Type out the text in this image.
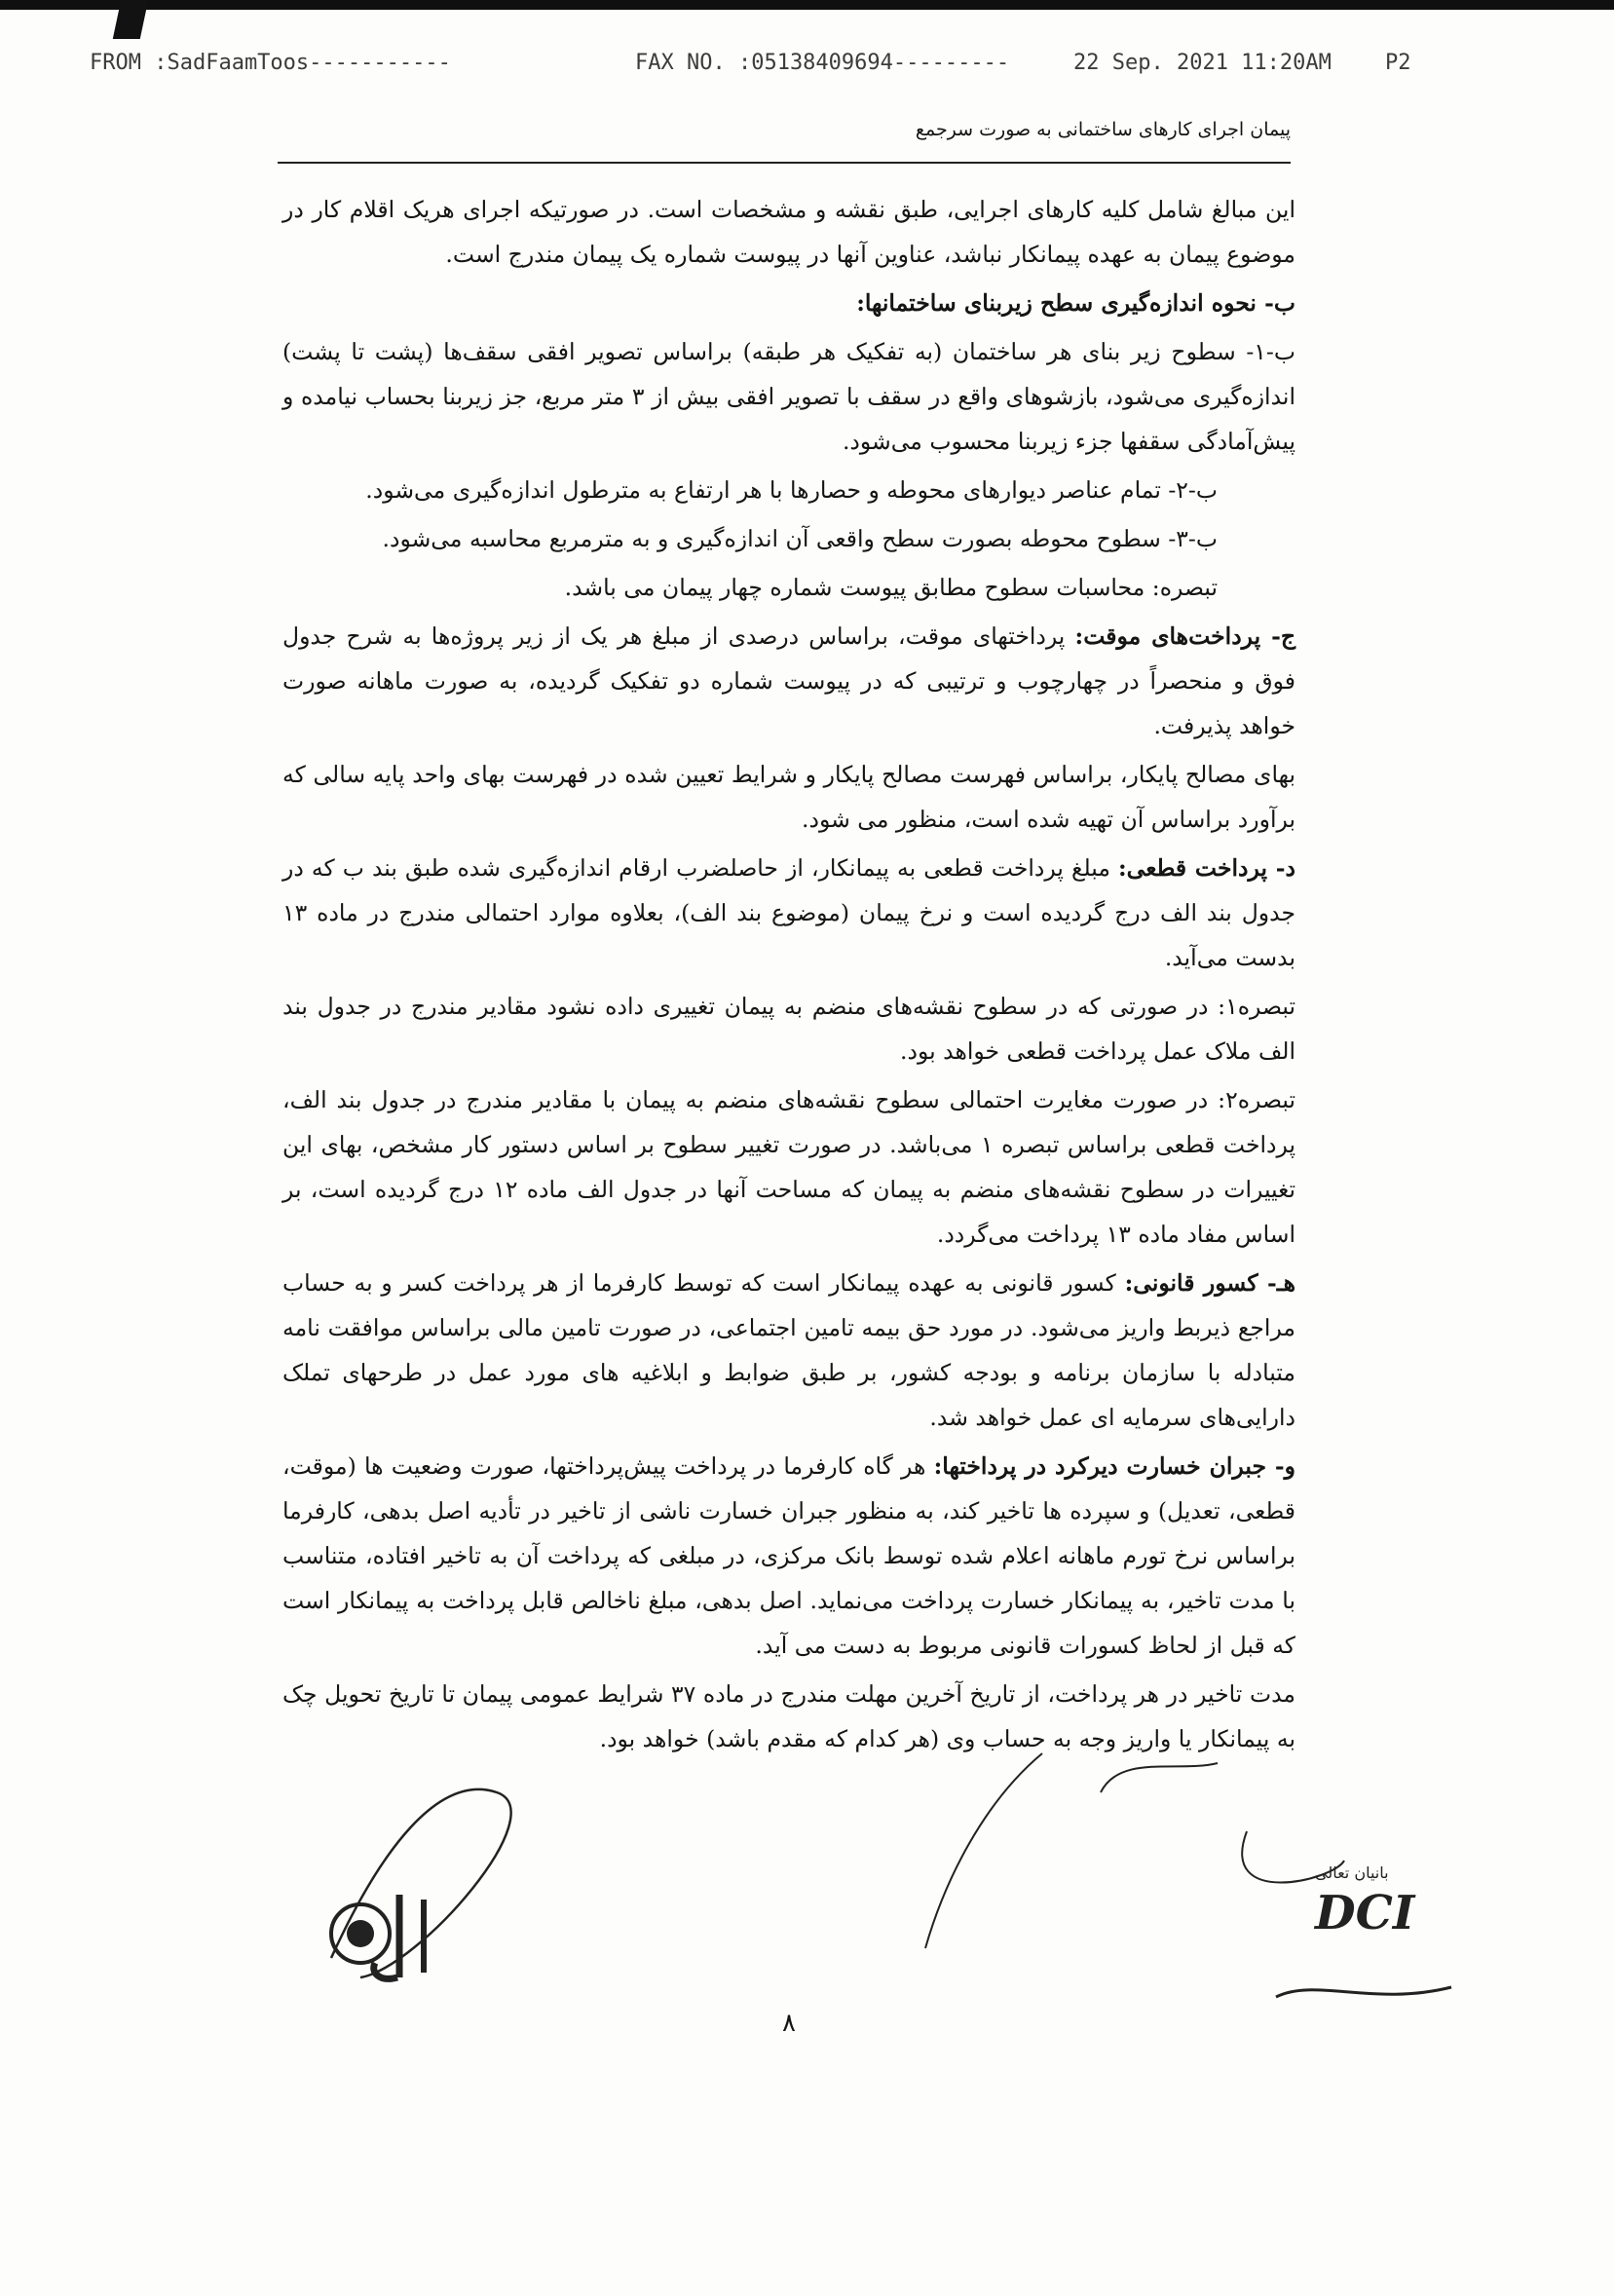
FROM :SadFaamToos-----------	FAX NO. :05138409694---------	22 Sep. 2021 11:20AM	P2
پیمان اجرای کارهای ساختمانی به صورت سرجمع

این مبالغ شامل کلیه کارهای اجرایی، طبق نقشه و مشخصات است. در صورتیکه اجرای هریک اقلام کار در موضوع پیمان به عهده پیمانکار نباشد، عناوین آنها در پیوست شماره یک پیمان مندرج است.

ب- نحوه اندازه‌گیری سطح زیربنای ساختمانها:

ب-۱- سطوح زیر بنای هر ساختمان (به تفکیک هر طبقه) براساس تصویر افقی سقف‌ها (پشت تا پشت) اندازه‌گیری می‌شود، بازشوهای واقع در سقف با تصویر افقی بیش از ۳ متر مربع، جز زیربنا بحساب نیامده و پیش‌آمادگی سقفها جزء زیربنا محسوب می‌شود.

ب-۲- تمام عناصر دیوارهای محوطه و حصارها با هر ارتفاع به مترطول اندازه‌گیری می‌شود.

ب-۳- سطوح محوطه بصورت سطح واقعی آن اندازه‌گیری و به مترمربع محاسبه می‌شود.

تبصره: محاسبات سطوح مطابق پیوست شماره چهار پیمان می باشد.

ج- پرداخت‌های موقت: پرداختهای موقت، براساس درصدی از مبلغ هر یک از زیر پروژه‌ها به شرح جدول فوق و منحصراً در چهارچوب و ترتیبی که در پیوست شماره دو تفکیک گردیده، به صورت ماهانه صورت خواهد پذیرفت.

بهای مصالح پایکار، براساس فهرست مصالح پایکار و شرایط تعیین شده در فهرست بهای واحد پایه سالی که برآورد براساس آن تهیه شده است، منظور می شود.

د- پرداخت قطعی: مبلغ پرداخت قطعی به پیمانکار، از حاصلضرب ارقام اندازه‌گیری شده طبق بند ب که در جدول بند الف درج گردیده است و نرخ پیمان (موضوع بند الف)، بعلاوه موارد احتمالی مندرج در ماده ۱۳ بدست می‌آید.

تبصره۱: در صورتی که در سطوح نقشه‌های منضم به پیمان تغییری داده نشود مقادیر مندرج در جدول بند الف ملاک عمل پرداخت قطعی خواهد بود.

تبصره۲: در صورت مغایرت احتمالی سطوح نقشه‌های منضم به پیمان با مقادیر مندرج در جدول بند الف، پرداخت قطعی براساس تبصره ۱ می‌باشد. در صورت تغییر سطوح بر اساس دستور کار مشخص، بهای این تغییرات در سطوح نقشه‌های منضم به پیمان که مساحت آنها در جدول الف ماده ۱۲ درج گردیده است، بر اساس مفاد ماده ۱۳ پرداخت می‌گردد.

هـ- کسور قانونی: کسور قانونی به عهده پیمانکار است که توسط کارفرما از هر پرداخت کسر و به حساب مراجع ذیربط واریز می‌شود. در مورد حق بیمه تامین اجتماعی، در صورت تامین مالی براساس موافقت نامه متبادله با سازمان برنامه و بودجه کشور، بر طبق ضوابط و ابلاغیه های مورد عمل در طرحهای تملک دارایی‌های سرمایه ای عمل خواهد شد.

و- جبران خسارت دیرکرد در پرداختها: هر گاه کارفرما در پرداخت پیش‌پرداختها، صورت وضعیت ها (موقت، قطعی، تعدیل) و سپرده ها تاخیر کند، به منظور جبران خسارت ناشی از تاخیر در تأدیه اصل بدهی، کارفرما براساس نرخ تورم ماهانه اعلام شده توسط بانک مرکزی، در مبلغی که پرداخت آن به تاخیر افتاده، متناسب با مدت تاخیر، به پیمانکار خسارت پرداخت می‌نماید. اصل بدهی، مبلغ ناخالص قابل پرداخت به پیمانکار است که قبل از لحاظ کسورات قانونی مربوط به دست می آید.

مدت تاخیر در هر پرداخت، از تاریخ آخرین مهلت مندرج در ماده ۳۷ شرایط عمومی پیمان تا تاریخ تحویل چک به پیمانکار یا واریز وجه به حساب وی (هر کدام که مقدم باشد) خواهد بود.

بانیان تعالی
DCI
۸
